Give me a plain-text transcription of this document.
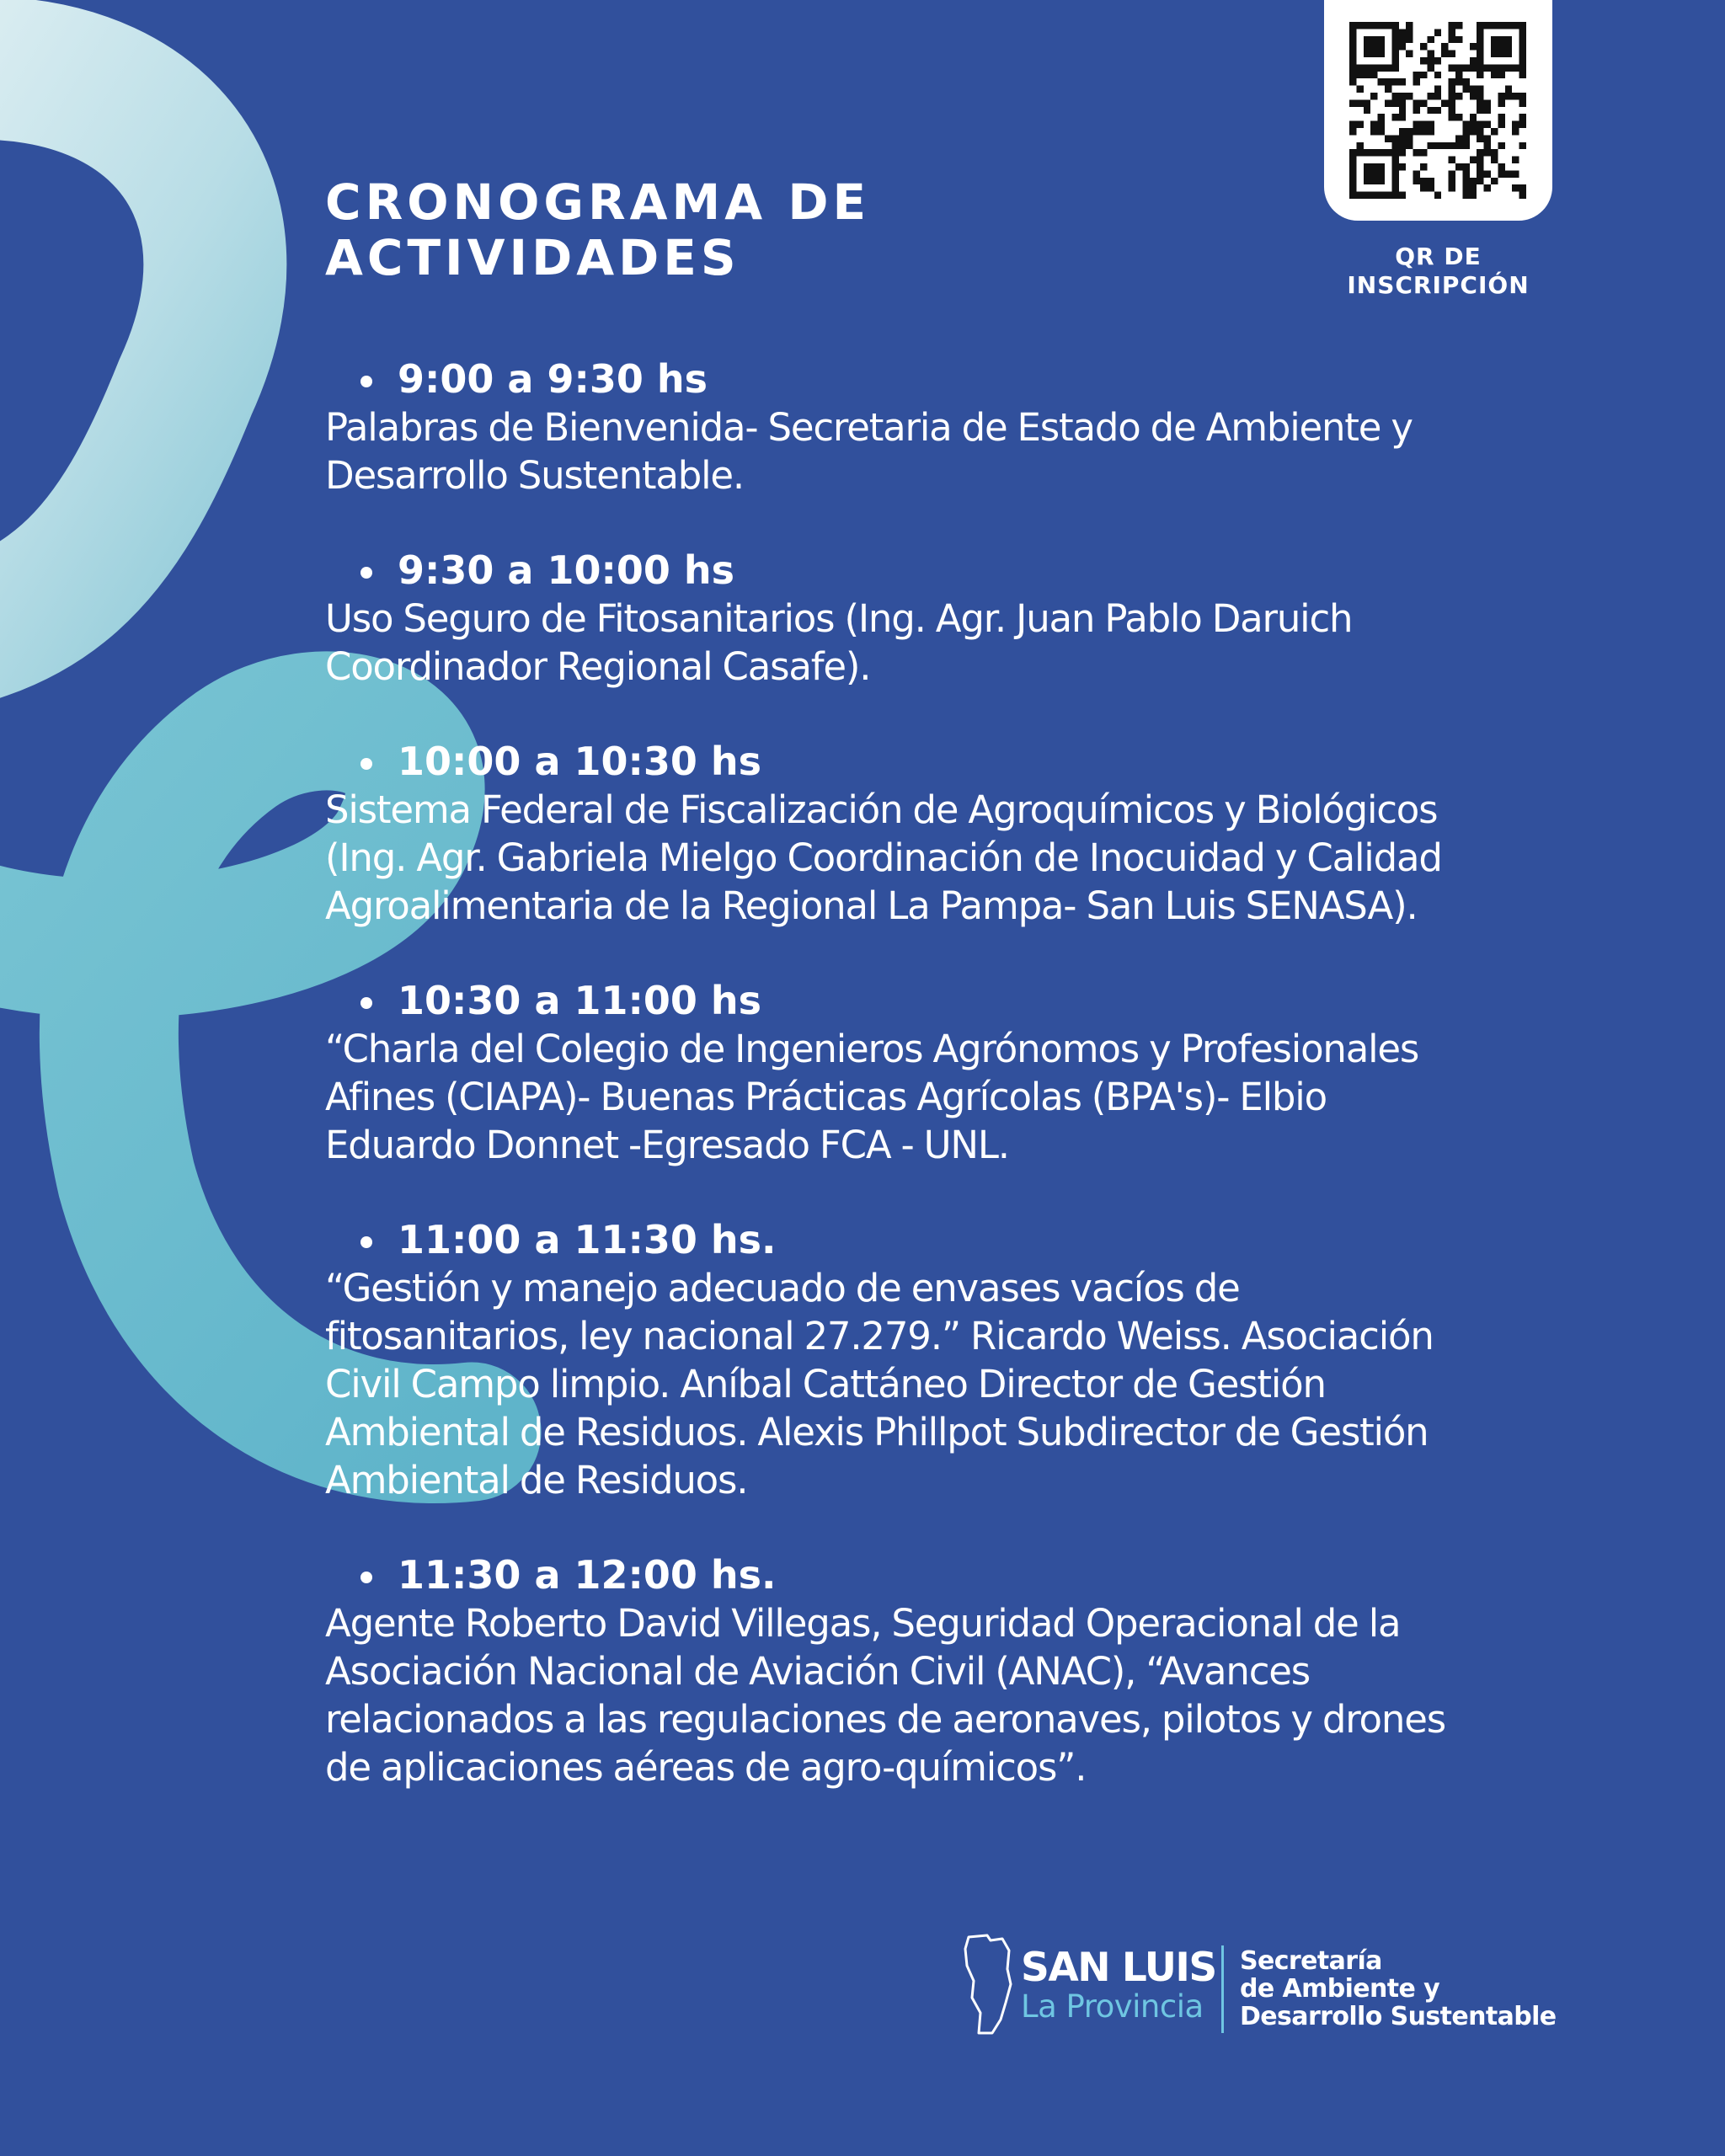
CRONOGRAMA DE
ACTIVIDADES	QR DE
INSCRIPCIÓN
9:00 a 9:30 hs
Palabras de Bienvenida- Secretaria de Estado de Ambiente y
Desarrollo Sustentable.
9:30 a 10:00 hs
Uso Seguro de Fitosanitarios (Ing. Agr. Juan Pablo Daruich
Coordinador Regional Casafe).
10:00 a 10:30 hs
Sistema Federal de Fiscalización de Agroquímicos y Biológicos
(Ing. Agr. Gabriela Mielgo Coordinación de Inocuidad y Calidad
Agroalimentaria de la Regional La Pampa- San Luis SENASA).
10:30 a 11:00 hs
“Charla del Colegio de Ingenieros Agrónomos y Profesionales
Afines (CIAPA)- Buenas Prácticas Agrícolas (BPA's)- Elbio
Eduardo Donnet -Egresado FCA - UNL.
11:00 a 11:30 hs.
“Gestión y manejo adecuado de envases vacíos de
fitosanitarios, ley nacional 27.279.” Ricardo Weiss. Asociación
Civil Campo limpio. Aníbal Cattáneo Director de Gestión
Ambiental de Residuos. Alexis Phillpot Subdirector de Gestión
Ambiental de Residuos.
11:30 a 12:00 hs.
Agente Roberto David Villegas, Seguridad Operacional de la
Asociación Nacional de Aviación Civil (ANAC), “Avances
relacionados a las regulaciones de aeronaves, pilotos y drones
de aplicaciones aéreas de agro-químicos”.
SAN LUIS
La Provincia
Secretaría
de Ambiente y
Desarrollo Sustentable
